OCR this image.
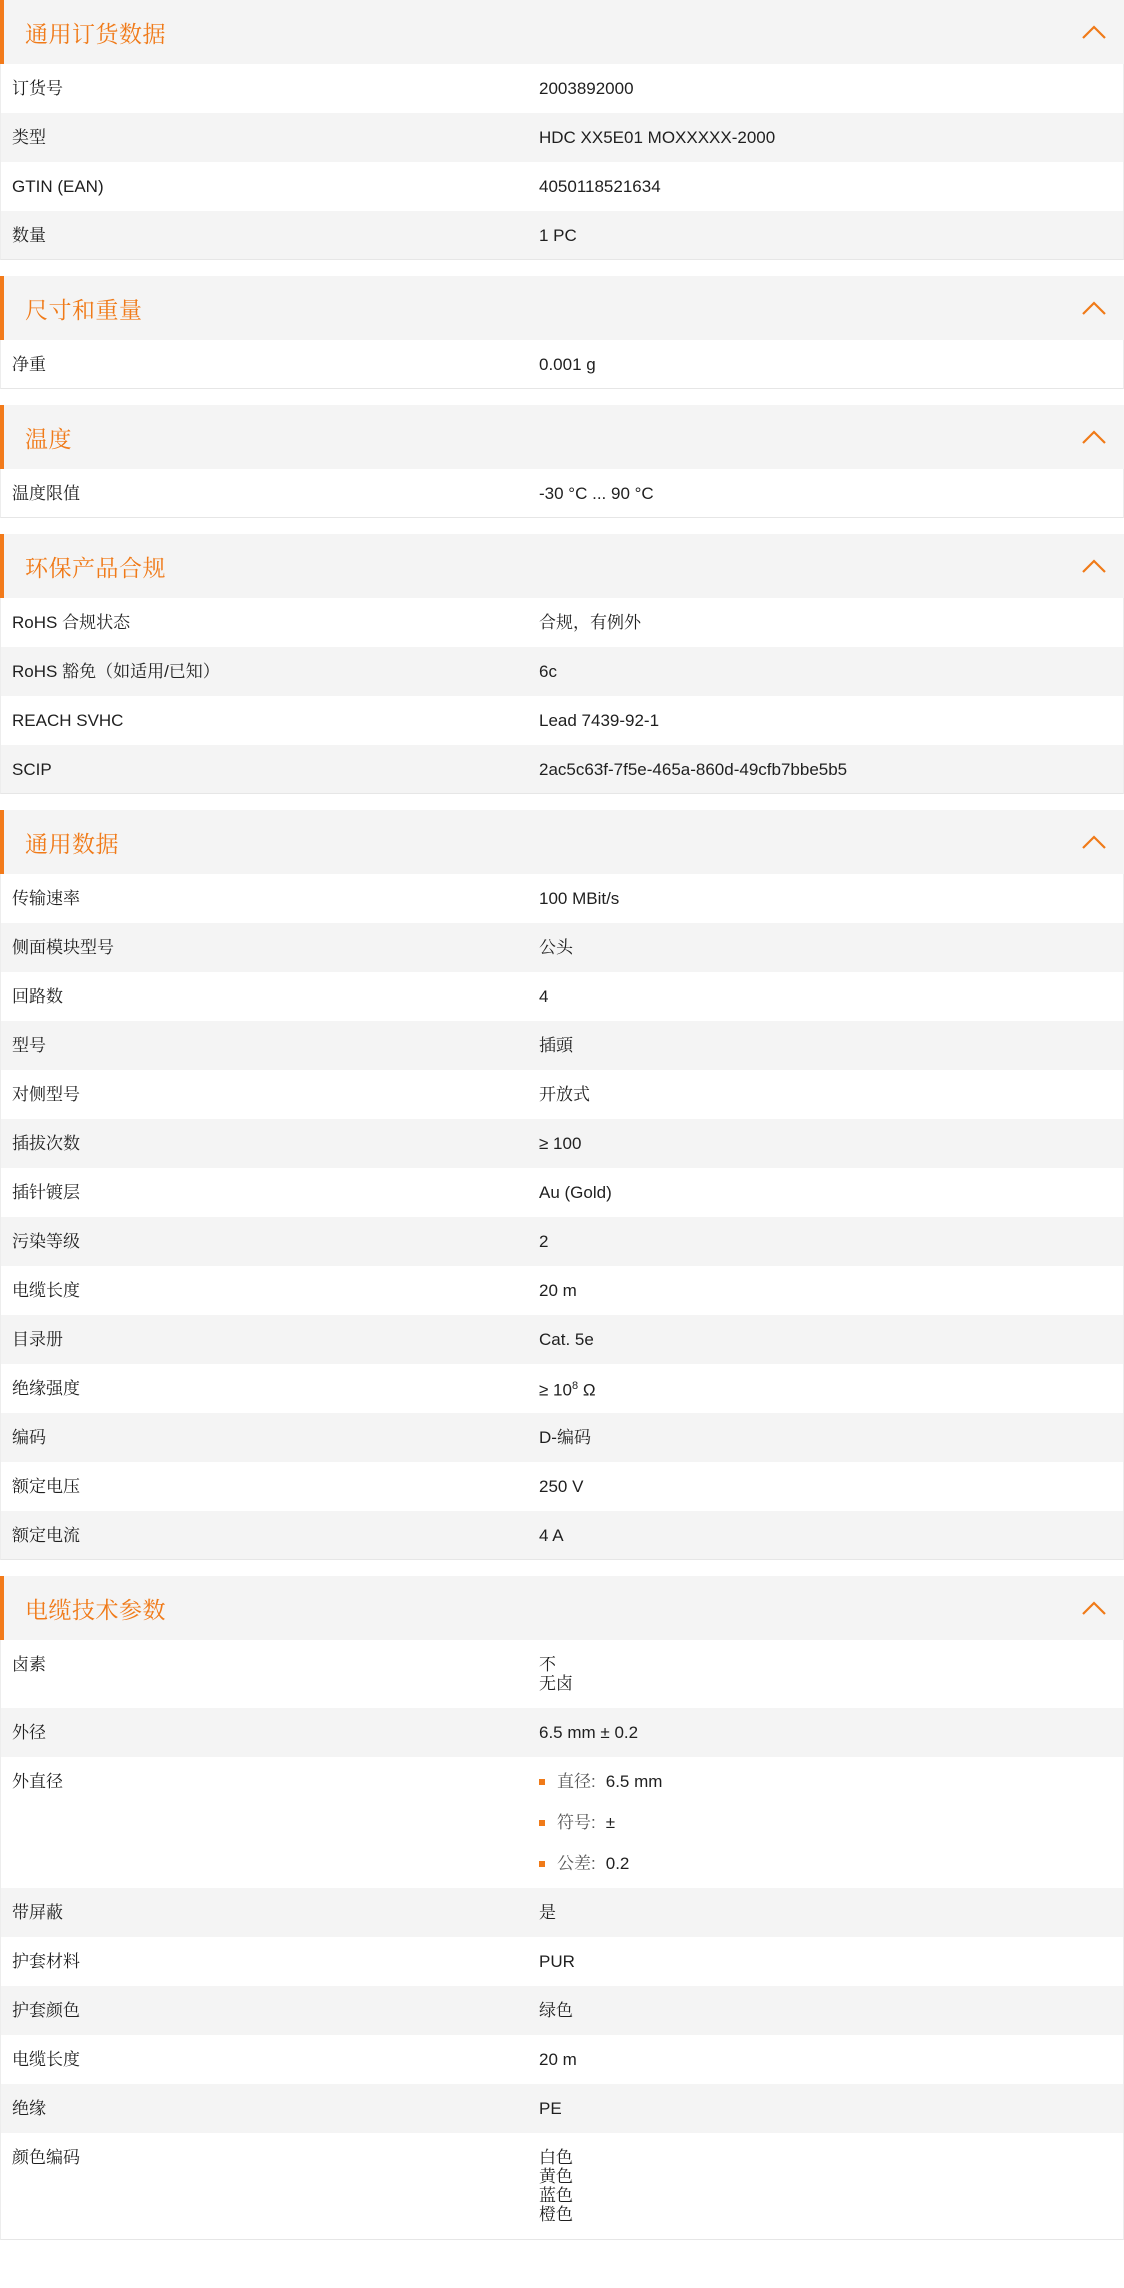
通用订货数据
订货号	2003892000
类型	HDC XX5E01 MOXXXXX-2000
GTIN (EAN)	4050118521634
数量	1 PC
尺寸和重量
净重	0.001 g
温度
温度限值	-30 °C ... 90 °C
环保产品合规
RoHS 合规状态	合规，有例外
RoHS 豁免（如适用/已知）	6c
REACH SVHC	Lead 7439-92-1
SCIP	2ac5c63f-7f5e-465a-860d-49cfb7bbe5b5
通用数据
传输速率	100 MBit/s
侧面模块型号	公头
回路数	4
型号	插頭
对侧型号	开放式
插拔次数	≥ 100
插针镀层	Au (Gold)
污染等级	2
电缆长度	20 m
目录册	Cat. 5e
绝缘强度	≥ $10^8$ Ω
编码	D-编码
额定电压	250 V
额定电流	4 A
电缆技术参数
卤素	不
无卤
外径	6.5 mm ± 0.2
外直径	直径: 6.5 mm
符号: ±
公差: 0.2
带屏蔽	是
护套材料	PUR
护套颜色	绿色
电缆长度	20 m
绝缘	PE
颜色编码	白色
黄色
蓝色
橙色
